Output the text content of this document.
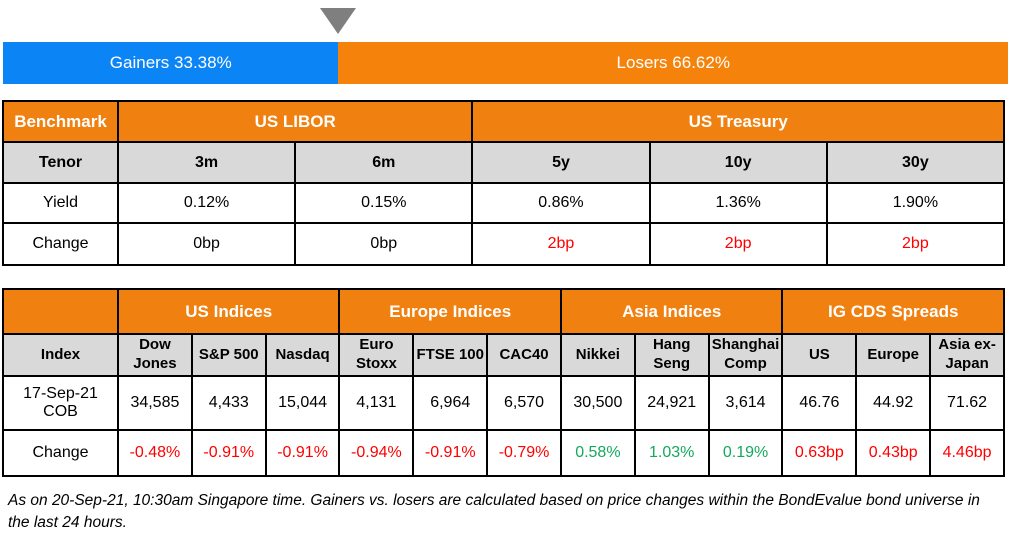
Gainers 33.38%	Losers 66.62%
Benchmark	US LIBOR		US Treasury		
Tenor	3m	6m	5y	10y	30y
Yield	0.12%	0.15%	0.86%	1.36%	1.90%
Change	0bp	0bp	2bp	2bp	2bp
	US Indices			Europe Indices			Asia Indices			IG CDS Spreads		
Index	Dow Jones	S&P 500	Nasdaq	Euro Stoxx	FTSE 100	CAC40	Nikkei	Hang Seng	Shanghai Comp	US	Europe	Asia ex-Japan
17-Sep-21 COB	34,585	4,433	15,044	4,131	6,964	6,570	30,500	24,921	3,614	46.76	44.92	71.62
Change	-0.48%	-0.91%	-0.91%	-0.94%	-0.91%	-0.79%	0.58%	1.03%	0.19%	0.63bp	0.43bp	4.46bp
As on 20-Sep-21, 10:30am Singapore time. Gainers vs. losers are calculated based on price changes within the BondEvalue bond universe in the last 24 hours.
